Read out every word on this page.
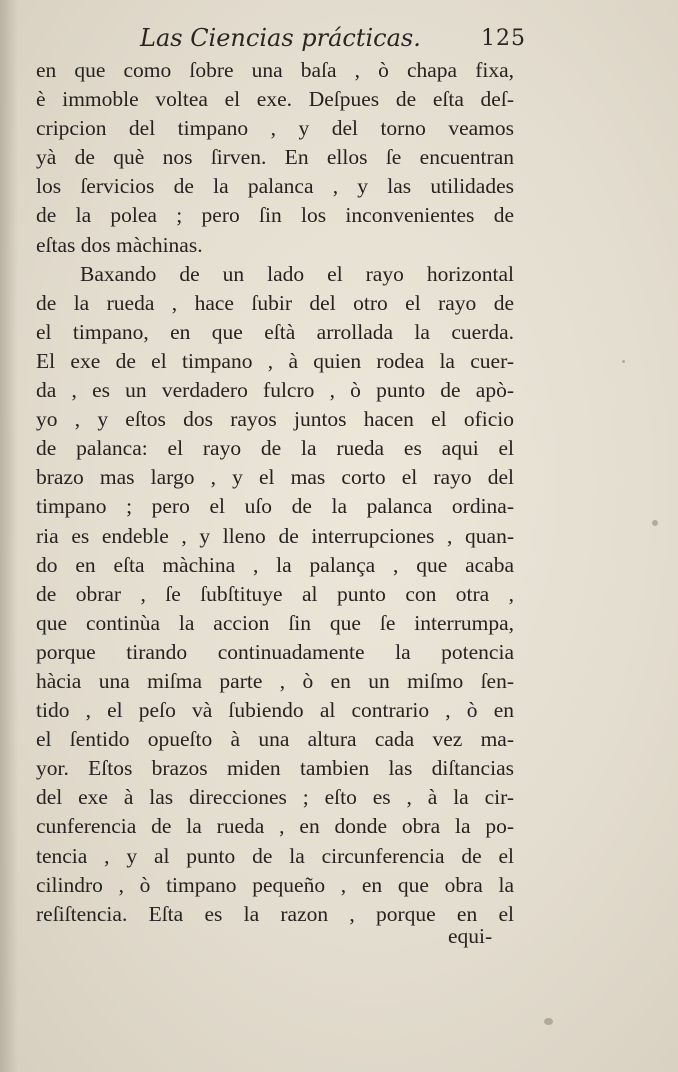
Las Ciencias prácticas.	125
en que como ſobre una baſa , ò chapa fixa,
è immoble voltea el exe. Deſpues de eſta deſ-
cripcion del timpano , y del torno veamos
yà de què nos ſirven. En ellos ſe encuentran
los ſervicios de la palanca , y las utilidades
de la polea ; pero ſin los inconvenientes de
eſtas dos màchinas.
Baxando de un lado el rayo horizontal
de la rueda , hace ſubir del otro el rayo de
el timpano, en que eſtà arrollada la cuerda.
El exe de el timpano , à quien rodea la cuer-
da , es un verdadero fulcro , ò punto de apò-
yo , y eſtos dos rayos juntos hacen el oficio
de palanca: el rayo de la rueda es aqui el
brazo mas largo , y el mas corto el rayo del
timpano ; pero el uſo de la palanca ordina-
ria es endeble , y lleno de interrupciones , quan-
do en eſta màchina , la palança , que acaba
de obrar , ſe ſubſtituye al punto con otra ,
que continùa la accion ſin que ſe interrumpa,
porque tirando continuadamente la potencia
hàcia una miſma parte , ò en un miſmo ſen-
tido , el peſo và ſubiendo al contrario , ò en
el ſentido opueſto à una altura cada vez ma-
yor. Eſtos brazos miden tambien las diſtancias
del exe à las direcciones ; eſto es , à la cir-
cunferencia de la rueda , en donde obra la po-
tencia , y al punto de la circunferencia de el
cilindro , ò timpano pequeño , en que obra la
reſiſtencia. Eſta es la razon , porque en el
equi-
